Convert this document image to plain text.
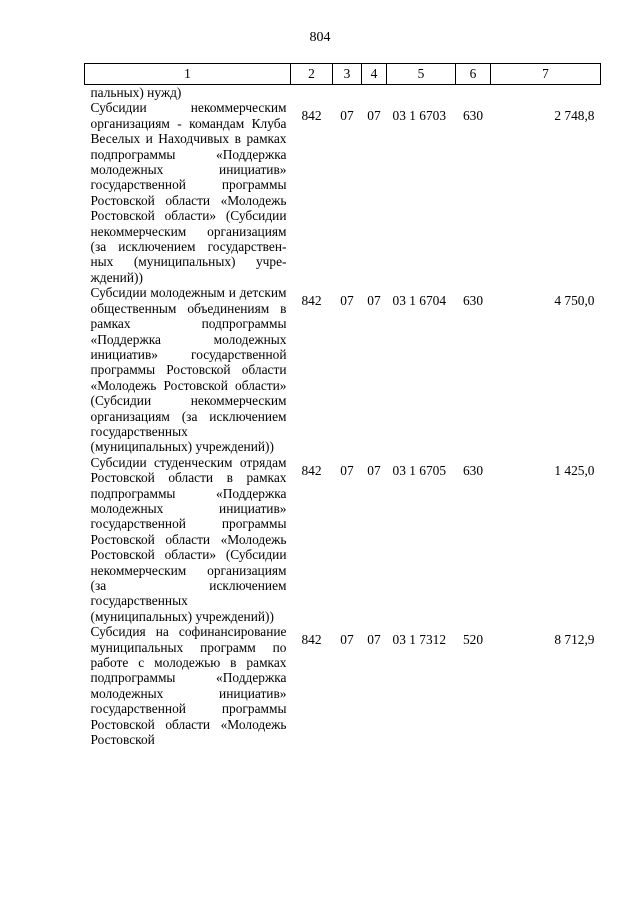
804
1	2	3	4	5	6	7
пальных) нужд)						
Субсидии некоммерческим организациям - командам Клуба Веселых и Находчивых в рамках подпрограммы «Поддержка молодежных инициатив» государственной программы Ростовской области «Молодежь Ростовской области» (Субсидии некоммерческим организациям (за исключением государственных (муниципальных) учреждений))	842	07	07	03 1 6703	630	2 748,8
Субсидии молодежным и детским общественным объединениям в рамках подпрограммы «Поддержка молодежных инициатив» государственной программы Ростовской области «Молодежь Ростовской области» (Субсидии некоммерческим организациям (за исключением государственных (муниципальных) учреждений))	842	07	07	03 1 6704	630	4 750,0
Субсидии студенческим отрядам Ростовской области в рамках подпрограммы «Поддержка молодежных инициатив» государственной программы Ростовской области «Молодежь Ростовской области» (Субсидии некоммерческим организациям (за исключением государственных (муниципальных) учреждений))	842	07	07	03 1 6705	630	1 425,0
Субсидия на софинансирование муниципальных программ по работе с молодежью в рамках подпрограммы «Поддержка молодежных инициатив» государственной программы Ростовской области «Молодежь Ростовской	842	07	07	03 1 7312	520	8 712,9
